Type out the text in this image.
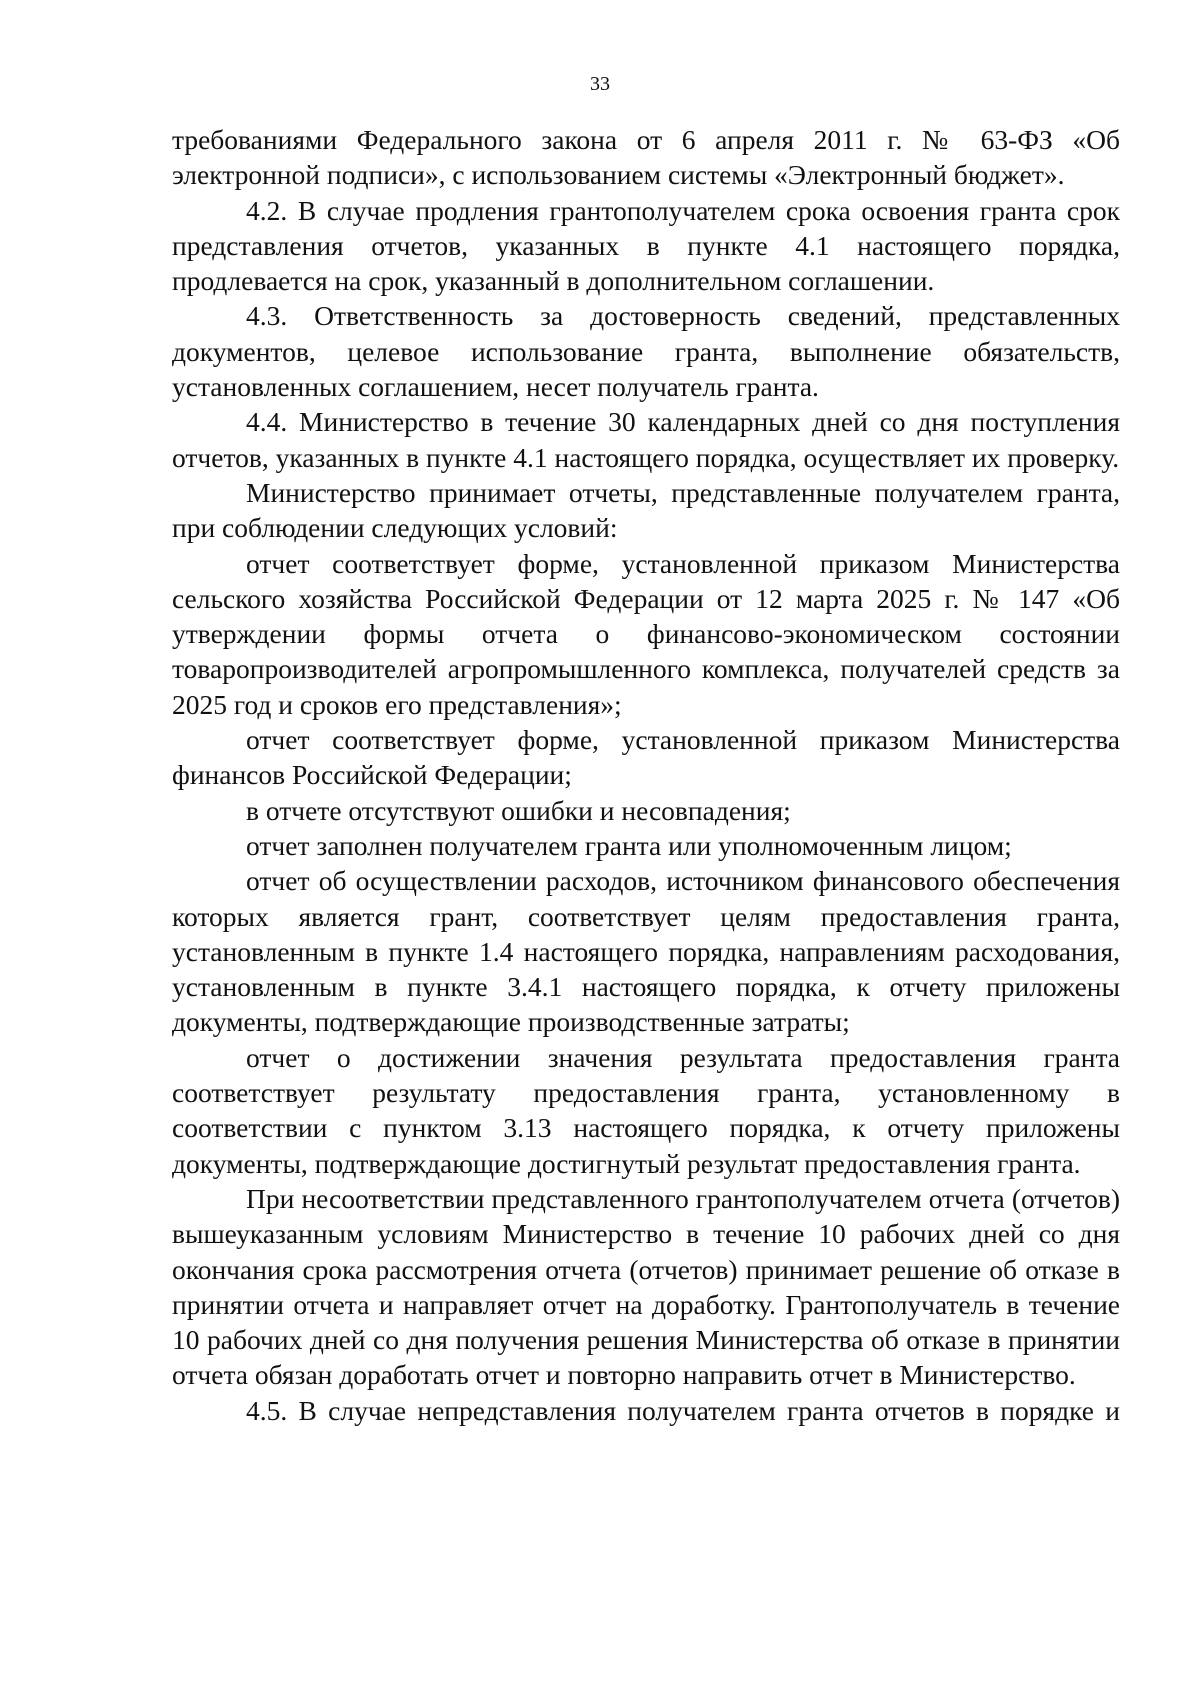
33

требованиями Федерального закона от 6 апреля 2011 г. № 63-ФЗ «Об электронной подписи», с использованием системы «Электронный бюджет».

4.2. В случае продления грантополучателем срока освоения гранта срок представления отчетов, указанных в пункте 4.1 настоящего порядка, продлевается на срок, указанный в дополнительном соглашении.

4.3. Ответственность за достоверность сведений, представленных документов, целевое использование гранта, выполнение обязательств, установленных соглашением, несет получатель гранта.

4.4. Министерство в течение 30 календарных дней со дня поступления отчетов, указанных в пункте 4.1 настоящего порядка, осуществляет их проверку.

Министерство принимает отчеты, представленные получателем гранта, при соблюдении следующих условий:

отчет соответствует форме, установленной приказом Министерства сельского хозяйства Российской Федерации от 12 марта 2025 г. № 147 «Об утверждении формы отчета о финансово-экономическом состоянии товаропроизводителей агропромышленного комплекса, получателей средств за 2025 год и сроков его представления»;

отчет соответствует форме, установленной приказом Министерства финансов Российской Федерации;

в отчете отсутствуют ошибки и несовпадения;

отчет заполнен получателем гранта или уполномоченным лицом;

отчет об осуществлении расходов, источником финансового обеспечения которых является грант, соответствует целям предоставления гранта, установленным в пункте 1.4 настоящего порядка, направлениям расходования, установленным в пункте 3.4.1 настоящего порядка, к отчету приложены документы, подтверждающие производственные затраты;

отчет о достижении значения результата предоставления гранта соответствует результату предоставления гранта, установленному в соответствии с пунктом 3.13 настоящего порядка, к отчету приложены документы, подтверждающие достигнутый результат предоставления гранта.

При несоответствии представленного грантополучателем отчета (отчетов) вышеуказанным условиям Министерство в течение 10 рабочих дней со дня окончания срока рассмотрения отчета (отчетов) принимает решение об отказе в принятии отчета и направляет отчет на доработку. Грантополучатель в течение 10 рабочих дней со дня получения решения Министерства об отказе в принятии отчета обязан доработать отчет и повторно направить отчет в Министерство.

4.5. В случае непредставления получателем гранта отчетов в порядке и
